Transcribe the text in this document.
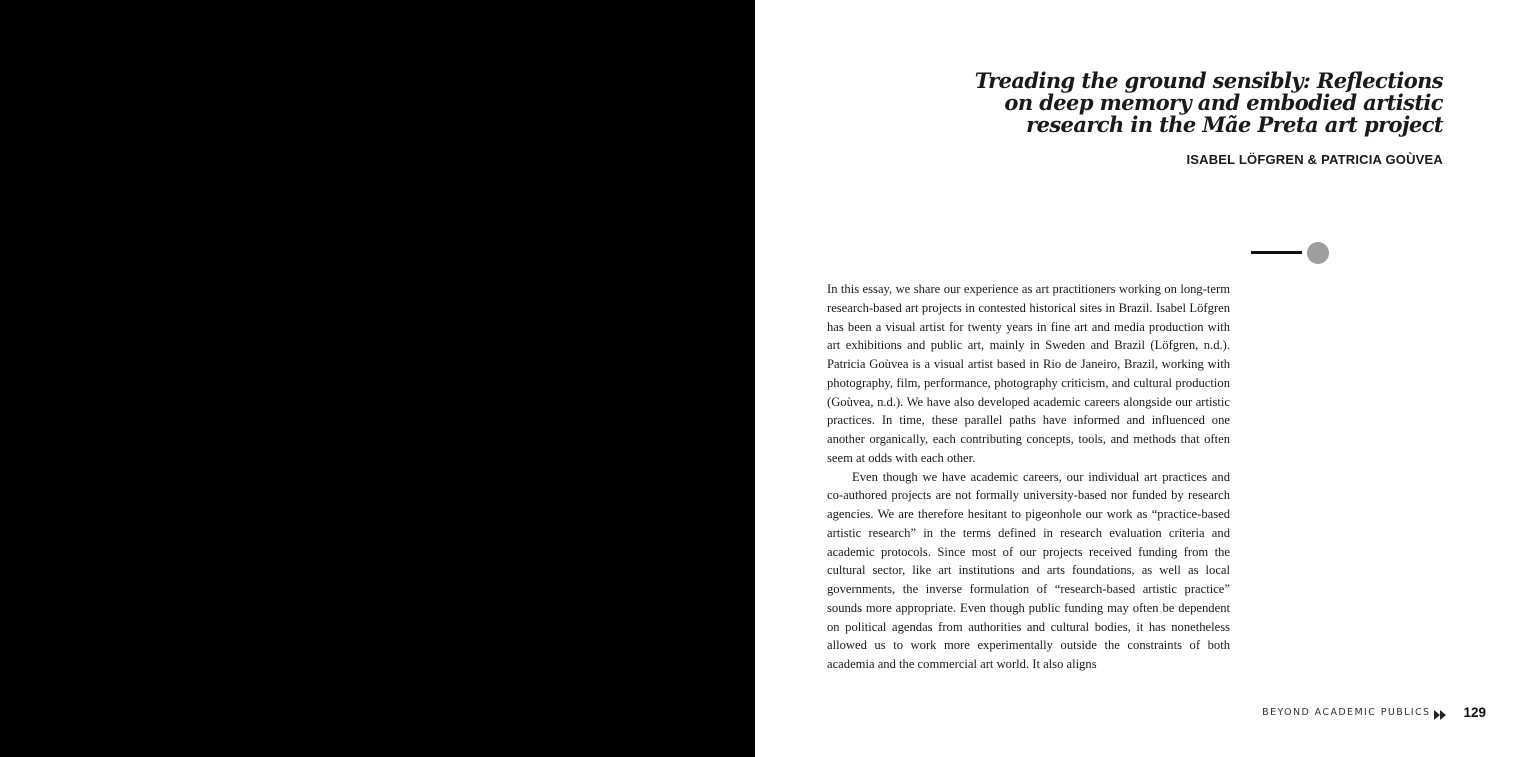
Treading the ground sensibly: Reflections on deep memory and embodied artistic research in the Mãe Preta art project
ISABEL LÖFGREN & PATRICIA GOÙVEA

In this essay, we share our experience as art practitioners working on long-term research-based art projects in contested historical sites in Brazil. Isabel Löfgren has been a visual artist for twenty years in fine art and media production with art exhibitions and public art, mainly in Sweden and Brazil (Löfgren, n.d.). Patricia Goùvea is a visual artist based in Rio de Janeiro, Brazil, working with photography, film, performance, photography criticism, and cultural production (Goùvea, n.d.). We have also developed academic careers alongside our artistic practices. In time, these parallel paths have informed and influenced one another organically, each contributing concepts, tools, and methods that often seem at odds with each other.

Even though we have academic careers, our individual art practices and co-authored projects are not formally university-based nor funded by research agencies. We are therefore hesitant to pigeonhole our work as “practice-based artistic research” in the terms defined in research evaluation criteria and academic protocols. Since most of our projects received funding from the cultural sector, like art institutions and arts foundations, as well as local governments, the inverse formulation of “research-based artistic practice” sounds more appropriate. Even though public funding may often be dependent on political agendas from authorities and cultural bodies, it has nonetheless allowed us to work more experimentally outside the constraints of both academia and the commercial art world. It also aligns

BEYOND ACADEMIC PUBLICS 129
